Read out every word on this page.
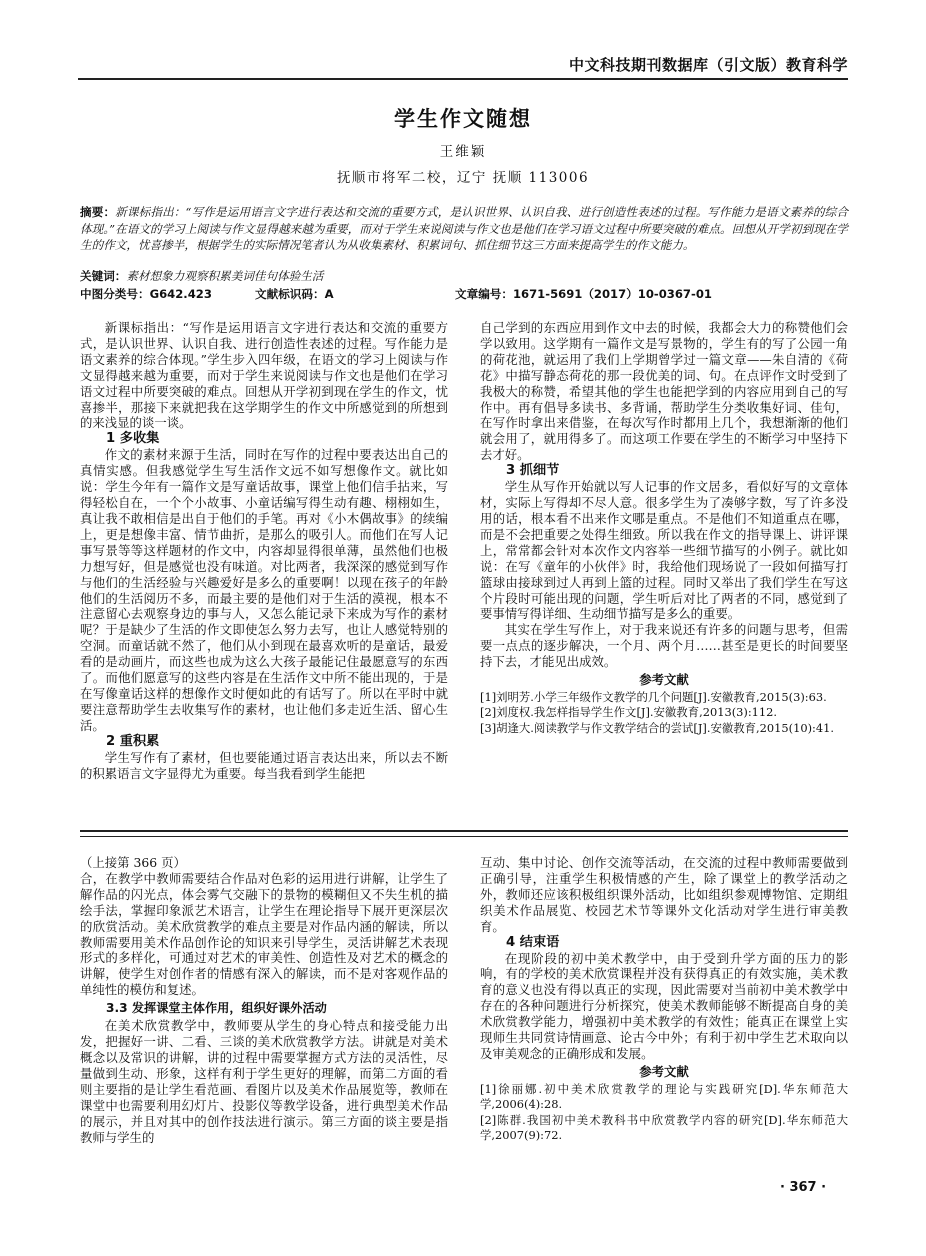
中文科技期刊数据库（引文版）教育科学
学生作文随想
王维颖
抚顺市将军二校，辽宁 抚顺 113006
摘要：新课标指出：“写作是运用语言文字进行表达和交流的重要方式，是认识世界、认识自我、进行创造性表述的过程。写作能力是语文素养的综合体现。”在语文的学习上阅读与作文显得越来越为重要，而对于学生来说阅读与作文也是他们在学习语文过程中所要突破的难点。回想从开学初到现在学生的作文，忧喜掺半，根据学生的实际情况笔者认为从收集素材、积累词句、抓住细节这三方面来提高学生的作文能力。
关键词：素材想象力观察积累美词佳句体验生活
中图分类号：G642.423	文献标识码：A	文章编号：1671-5691（2017）10-0367-01

新课标指出：“写作是运用语言文字进行表达和交流的重要方式，是认识世界、认识自我、进行创造性表述的过程。写作能力是语文素养的综合体现。”学生步入四年级，在语文的学习上阅读与作文显得越来越为重要，而对于学生来说阅读与作文也是他们在学习语文过程中所要突破的难点。回想从开学初到现在学生的作文，忧喜掺半，那接下来就把我在这学期学生的作文中所感觉到的所想到的来浅显的谈一谈。

1 多收集

作文的素材来源于生活，同时在写作的过程中要表达出自己的真情实感。但我感觉学生写生活作文远不如写想像作文。就比如说：学生今年有一篇作文是写童话故事，课堂上他们信手拈来，写得轻松自在，一个个小故事、小童话编写得生动有趣、栩栩如生，真让我不敢相信是出自于他们的手笔。再对《小木偶故事》的续编上，更是想像丰富、情节曲折，是那么的吸引人。而他们在写人记事写景等等这样题材的作文中，内容却显得很单薄，虽然他们也极力想写好，但是感觉也没有味道。对比两者，我深深的感觉到写作与他们的生活经验与兴趣爱好是多么的重要啊！以现在孩子的年龄他们的生活阅历不多，而最主要的是他们对于生活的漠视，根本不注意留心去观察身边的事与人，又怎么能记录下来成为写作的素材呢？于是缺少了生活的作文即使怎么努力去写，也让人感觉特别的空洞。而童话就不然了，他们从小到现在最喜欢听的是童话，最爱看的是动画片，而这些也成为这么大孩子最能记住最愿意写的东西了。而他们愿意写的这些内容是在生活作文中所不能出现的，于是在写像童话这样的想像作文时便如此的有话写了。所以在平时中就要注意帮助学生去收集写作的素材，也让他们多走近生活、留心生活。

2 重积累

学生写作有了素材，但也要能通过语言表达出来，所以去不断的积累语言文字显得尤为重要。每当我看到学生能把

自己学到的东西应用到作文中去的时候，我都会大力的称赞他们会学以致用。这学期有一篇作文是写景物的，学生有的写了公园一角的荷花池，就运用了我们上学期曾学过一篇文章——朱自清的《荷花》中描写静态荷花的那一段优美的词、句。在点评作文时受到了我极大的称赞，希望其他的学生也能把学到的内容应用到自己的写作中。再有倡导多读书、多背诵，帮助学生分类收集好词、佳句，在写作时拿出来借鉴，在每次写作时都用上几个，我想渐渐的他们就会用了，就用得多了。而这项工作要在学生的不断学习中坚持下去才好。

3 抓细节

学生从写作开始就以写人记事的作文居多，看似好写的文章体材，实际上写得却不尽人意。很多学生为了凑够字数，写了许多没用的话，根本看不出来作文哪是重点。不是他们不知道重点在哪，而是不会把重要之处得生细致。所以我在作文的指导课上、讲评课上，常常都会针对本次作文内容举一些细节描写的小例子。就比如说：在写《童年的小伙伴》时，我给他们现场说了一段如何描写打篮球由接球到过人再到上篮的过程。同时又举出了我们学生在写这个片段时可能出现的问题，学生听后对比了两者的不同，感觉到了要事情写得详细、生动细节描写是多么的重要。

其实在学生写作上，对于我来说还有许多的问题与思考，但需要一点点的逐步解决，一个月、两个月……甚至是更长的时间要坚持下去，才能见出成效。

参考文献

[1]刘明芳.小学三年级作文教学的几个问题[J].安徽教育,2015(3):63.

[2]刘度权.我怎样指导学生作文[J].安徽教育,2013(3):112.

[3]胡逢大.阅读教学与作文教学结合的尝试[J].安徽教育,2015(10):41.

（上接第 366 页）

合，在教学中教师需要结合作品对色彩的运用进行讲解，让学生了解作品的闪光点，体会雾气交融下的景物的模糊但又不失生机的描绘手法，掌握印象派艺术语言，让学生在理论指导下展开更深层次的欣赏活动。美术欣赏教学的难点主要是对作品内涵的解读，所以教师需要用美术作品创作论的知识来引导学生，灵活讲解艺术表现形式的多样化，可通过对艺术的审美性、创造性及对艺术的概念的讲解，使学生对创作者的情感有深入的解读，而不是对客观作品的单纯性的模仿和复述。

3.3 发挥课堂主体作用，组织好课外活动

在美术欣赏教学中，教师要从学生的身心特点和接受能力出发，把握好一讲、二看、三谈的美术欣赏教学方法。讲就是对美术概念以及常识的讲解，讲的过程中需要掌握方式方法的灵活性，尽量做到生动、形象，这样有利于学生更好的理解，而第二方面的看则主要指的是让学生看范画、看图片以及美术作品展览等，教师在课堂中也需要利用幻灯片、投影仪等教学设备，进行典型美术作品的展示，并且对其中的创作技法进行演示。第三方面的谈主要是指教师与学生的

互动、集中讨论、创作交流等活动，在交流的过程中教师需要做到正确引导，注重学生积极情感的产生，除了课堂上的教学活动之外，教师还应该积极组织课外活动，比如组织参观博物馆、定期组织美术作品展览、校园艺术节等课外文化活动对学生进行审美教育。

4 结束语

在现阶段的初中美术教学中，由于受到升学方面的压力的影响，有的学校的美术欣赏课程并没有获得真正的有效实施，美术教育的意义也没有得以真正的实现，因此需要对当前初中美术教学中存在的各种问题进行分析探究，使美术教师能够不断提高自身的美术欣赏教学能力，增强初中美术教学的有效性；能真正在课堂上实现师生共同赏诗情画意、论古今中外；有利于初中学生艺术取向以及审美观念的正确形成和发展。

参考文献

[1]徐丽娜.初中美术欣赏教学的理论与实践研究[D].华东师范大学,2006(4):28.

[2]陈群.我国初中美术教科书中欣赏教学内容的研究[D].华东师范大学,2007(9):72.

· 367 ·
